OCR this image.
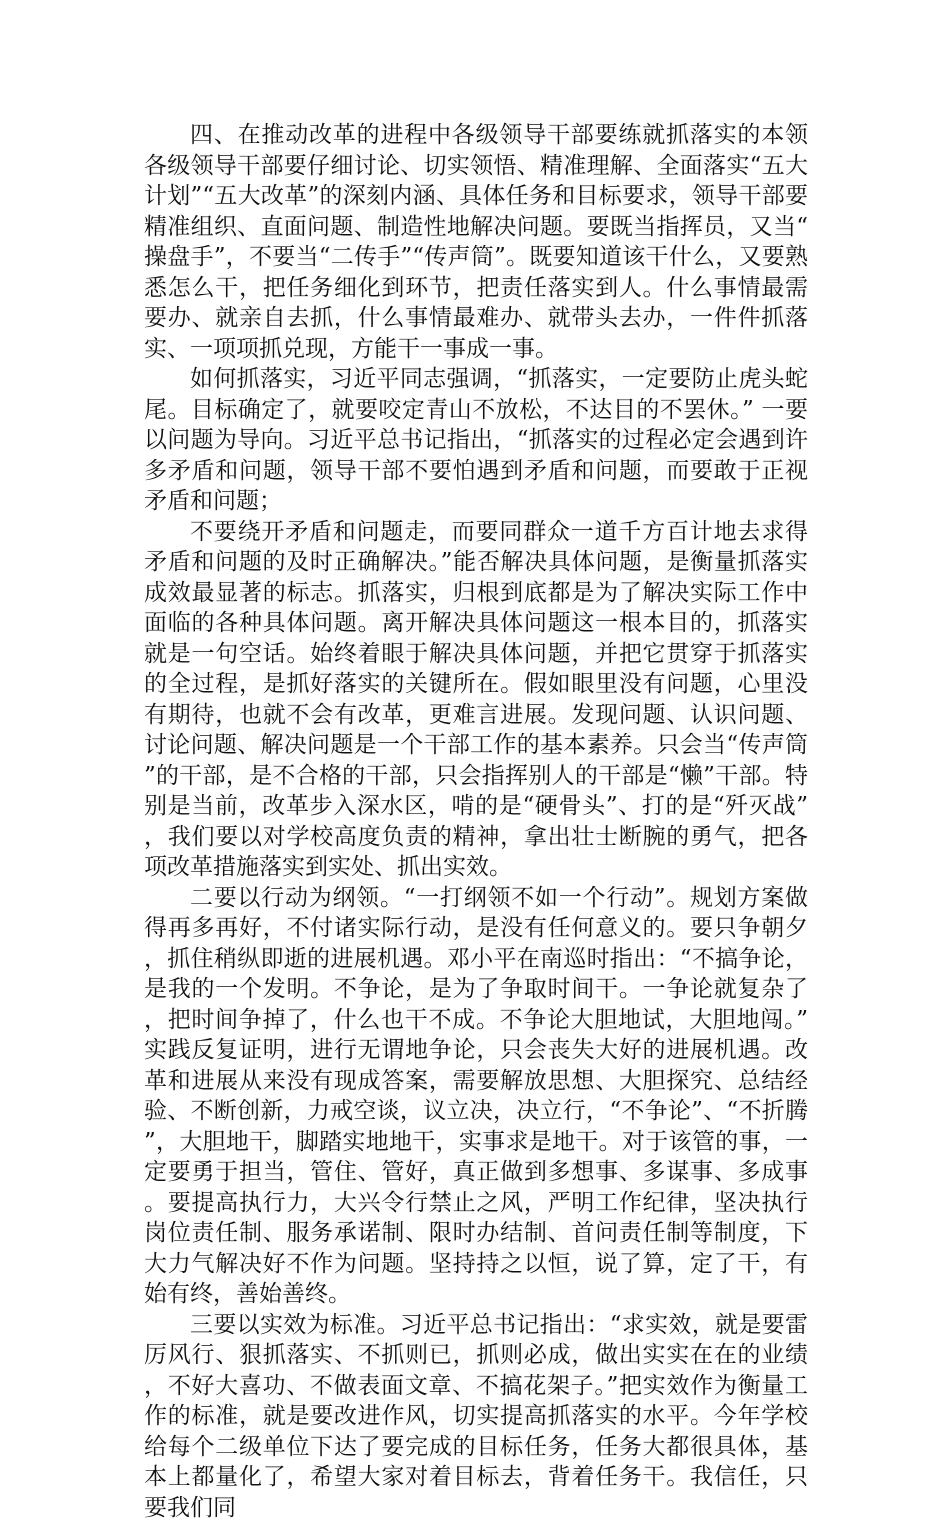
四、在推动改革的进程中各级领导干部要练就抓落实的本领各级领导干部要仔细讨论、切实领悟、精准理解、全面落实“五大计划”“五大改革”的深刻内涵、具体任务和目标要求，领导干部要精准组织、直面问题、制造性地解决问题。要既当指挥员，又当“操盘手”，不要当“二传手”“传声筒”。既要知道该干什么，又要熟悉怎么干，把任务细化到环节，把责任落实到人。什么事情最需要办、就亲自去抓，什么事情最难办、就带头去办，一件件抓落实、一项项抓兑现，方能干一事成一事。

如何抓落实，习近平同志强调，“抓落实，一定要防止虎头蛇尾。目标确定了，就要咬定青山不放松，不达目的不罢休。” 一要以问题为导向。习近平总书记指出，“抓落实的过程必定会遇到许多矛盾和问题，领导干部不要怕遇到矛盾和问题，而要敢于正视矛盾和问题；

不要绕开矛盾和问题走，而要同群众一道千方百计地去求得矛盾和问题的及时正确解决。”能否解决具体问题，是衡量抓落实成效最显著的标志。抓落实，归根到底都是为了解决实际工作中面临的各种具体问题。离开解决具体问题这一根本目的，抓落实就是一句空话。始终着眼于解决具体问题，并把它贯穿于抓落实的全过程，是抓好落实的关键所在。假如眼里没有问题，心里没有期待，也就不会有改革，更难言进展。发现问题、认识问题、讨论问题、解决问题是一个干部工作的基本素养。只会当“传声筒”的干部，是不合格的干部，只会指挥别人的干部是“懒”干部。特别是当前，改革步入深水区，啃的是“硬骨头”、打的是“歼灭战”，我们要以对学校高度负责的精神，拿出壮士断腕的勇气，把各项改革措施落实到实处、抓出实效。

二要以行动为纲领。“一打纲领不如一个行动”。规划方案做得再多再好，不付诸实际行动，是没有任何意义的。要只争朝夕，抓住稍纵即逝的进展机遇。邓小平在南巡时指出：“不搞争论，是我的一个发明。不争论，是为了争取时间干。一争论就复杂了，把时间争掉了，什么也干不成。不争论大胆地试，大胆地闯。”实践反复证明，进行无谓地争论，只会丧失大好的进展机遇。改革和进展从来没有现成答案，需要解放思想、大胆探究、总结经验、不断创新，力戒空谈，议立决，决立行，“不争论”、“不折腾”，大胆地干，脚踏实地地干，实事求是地干。对于该管的事，一定要勇于担当，管住、管好，真正做到多想事、多谋事、多成事。要提高执行力，大兴令行禁止之风，严明工作纪律，坚决执行岗位责任制、服务承诺制、限时办结制、首问责任制等制度，下大力气解决好不作为问题。坚持持之以恒，说了算，定了干，有始有终，善始善终。

三要以实效为标准。习近平总书记指出：“求实效，就是要雷厉风行、狠抓落实、不抓则已，抓则必成，做出实实在在的业绩，不好大喜功、不做表面文章、不搞花架子。”把实效作为衡量工作的标准，就是要改进作风，切实提高抓落实的水平。今年学校给每个二级单位下达了要完成的目标任务，任务大都很具体，基本上都量化了，希望大家对着目标去，背着任务干。我信任，只要我们同
